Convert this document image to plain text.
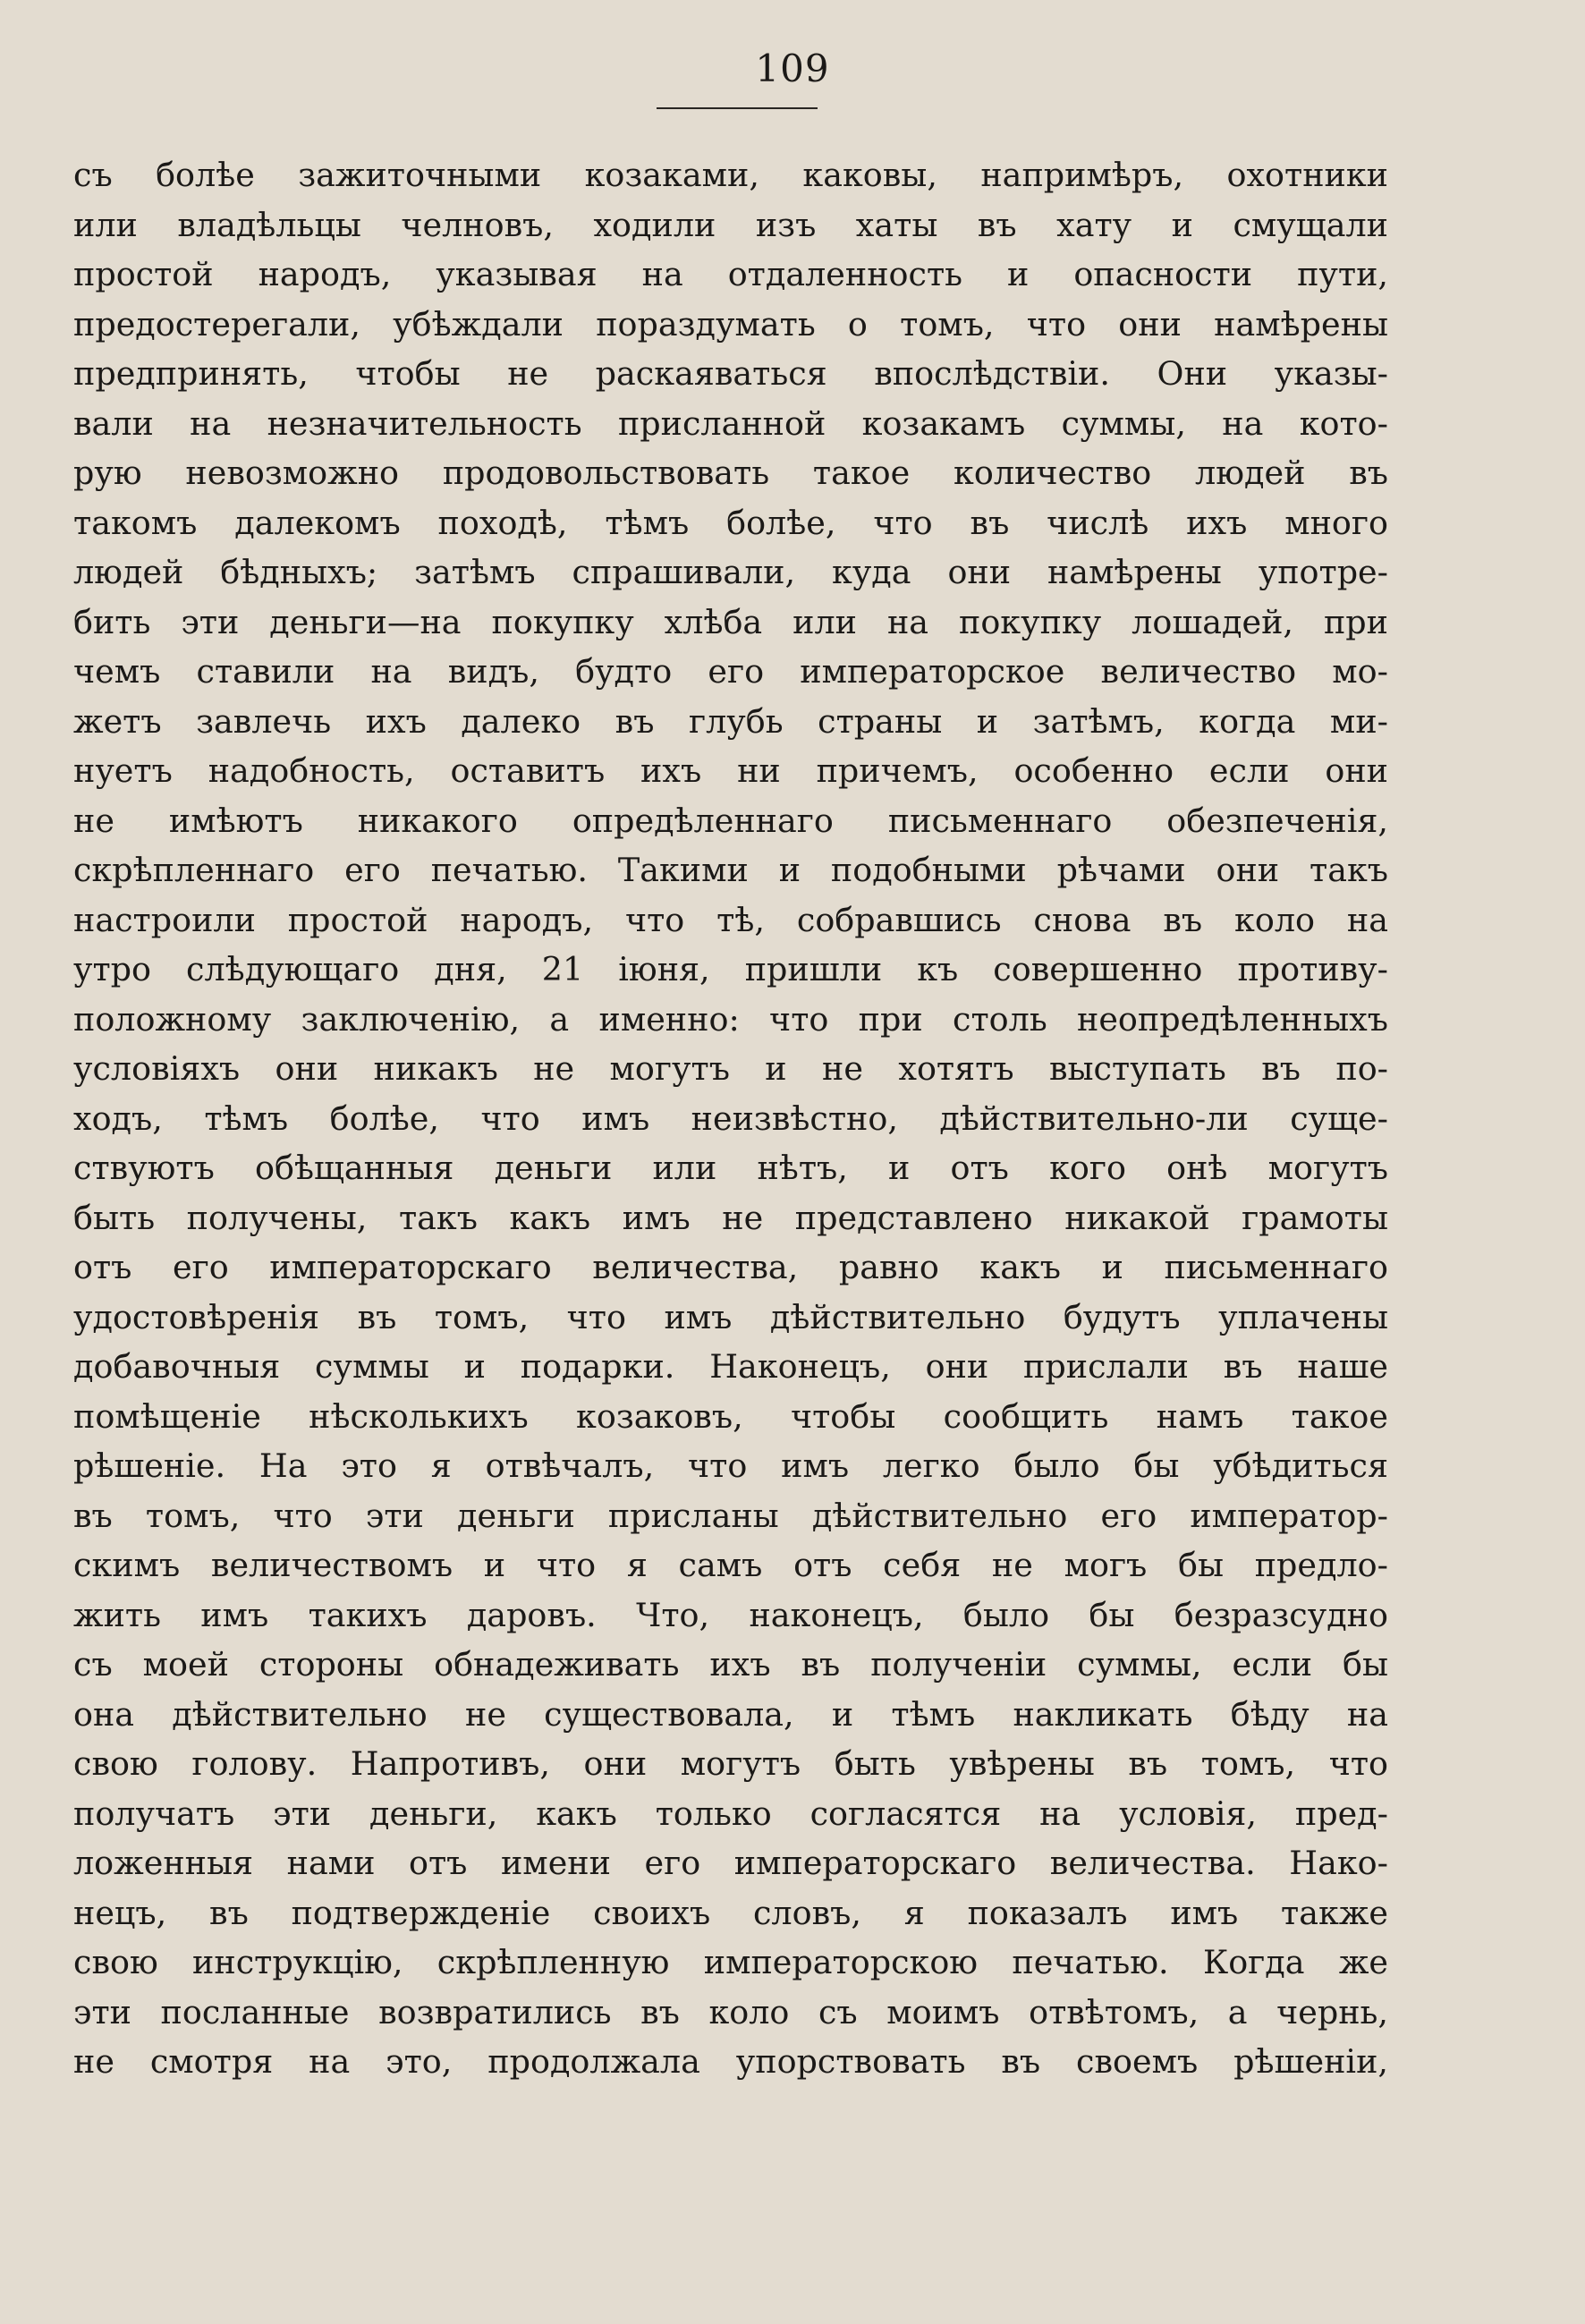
109
съ болѣе зажиточными козаками, каковы, напримѣръ, охотники
или владѣльцы челновъ, ходили изъ хаты въ хату и смущали
простой народъ, указывая на отдаленность и опасности пути,
предостерегали, убѣждали пораздумать о томъ, что они намѣрены
предпринять, чтобы не раскаяваться впослѣдствіи. Они указы-
вали на незначительность присланной козакамъ суммы, на кото-
рую невозможно продовольствовать такое количество людей въ
такомъ далекомъ походѣ, тѣмъ болѣе, что въ числѣ ихъ много
людей бѣдныхъ; затѣмъ спрашивали, куда они намѣрены употре-
бить эти деньги—на покупку хлѣба или на покупку лошадей, при
чемъ ставили на видъ, будто его императорское величество мо-
жетъ завлечь ихъ далеко въ глубь страны и затѣмъ, когда ми-
нуетъ надобность, оставитъ ихъ ни причемъ, особенно если они
не имѣютъ никакого опредѣленнаго письменнаго обезпеченія,
скрѣпленнаго его печатью. Такими и подобными рѣчами они такъ
настроили простой народъ, что тѣ, собравшись снова въ коло на
утро слѣдующаго дня, 21 іюня, пришли къ совершенно противу-
положному заключенію, а именно: что при столь неопредѣленныхъ
условіяхъ они никакъ не могутъ и не хотятъ выступать въ по-
ходъ, тѣмъ болѣе, что имъ неизвѣстно, дѣйствительно-ли суще-
ствуютъ обѣщанныя деньги или нѣтъ, и отъ кого онѣ могутъ
быть получены, такъ какъ имъ не представлено никакой грамоты
отъ его императорскаго величества, равно какъ и письменнаго
удостовѣренія въ томъ, что имъ дѣйствительно будутъ уплачены
добавочныя суммы и подарки. Наконецъ, они прислали въ наше
помѣщеніе нѣсколькихъ козаковъ, чтобы сообщить намъ такое
рѣшеніе. На это я отвѣчалъ, что имъ легко было бы убѣдиться
въ томъ, что эти деньги присланы дѣйствительно его император-
скимъ величествомъ и что я самъ отъ себя не могъ бы предло-
жить имъ такихъ даровъ. Что, наконецъ, было бы безразсудно
съ моей стороны обнадеживать ихъ въ полученіи суммы, если бы
она дѣйствительно не существовала, и тѣмъ накликать бѣду на
свою голову. Напротивъ, они могутъ быть увѣрены въ томъ, что
получатъ эти деньги, какъ только согласятся на условія, пред-
ложенныя нами отъ имени его императорскаго величества. Нако-
нецъ, въ подтвержденіе своихъ словъ, я показалъ имъ также
свою инструкцію, скрѣпленную императорскою печатью. Когда же
эти посланные возвратились въ коло съ моимъ отвѣтомъ, а чернь,
не смотря на это, продолжала упорствовать въ своемъ рѣшеніи,
